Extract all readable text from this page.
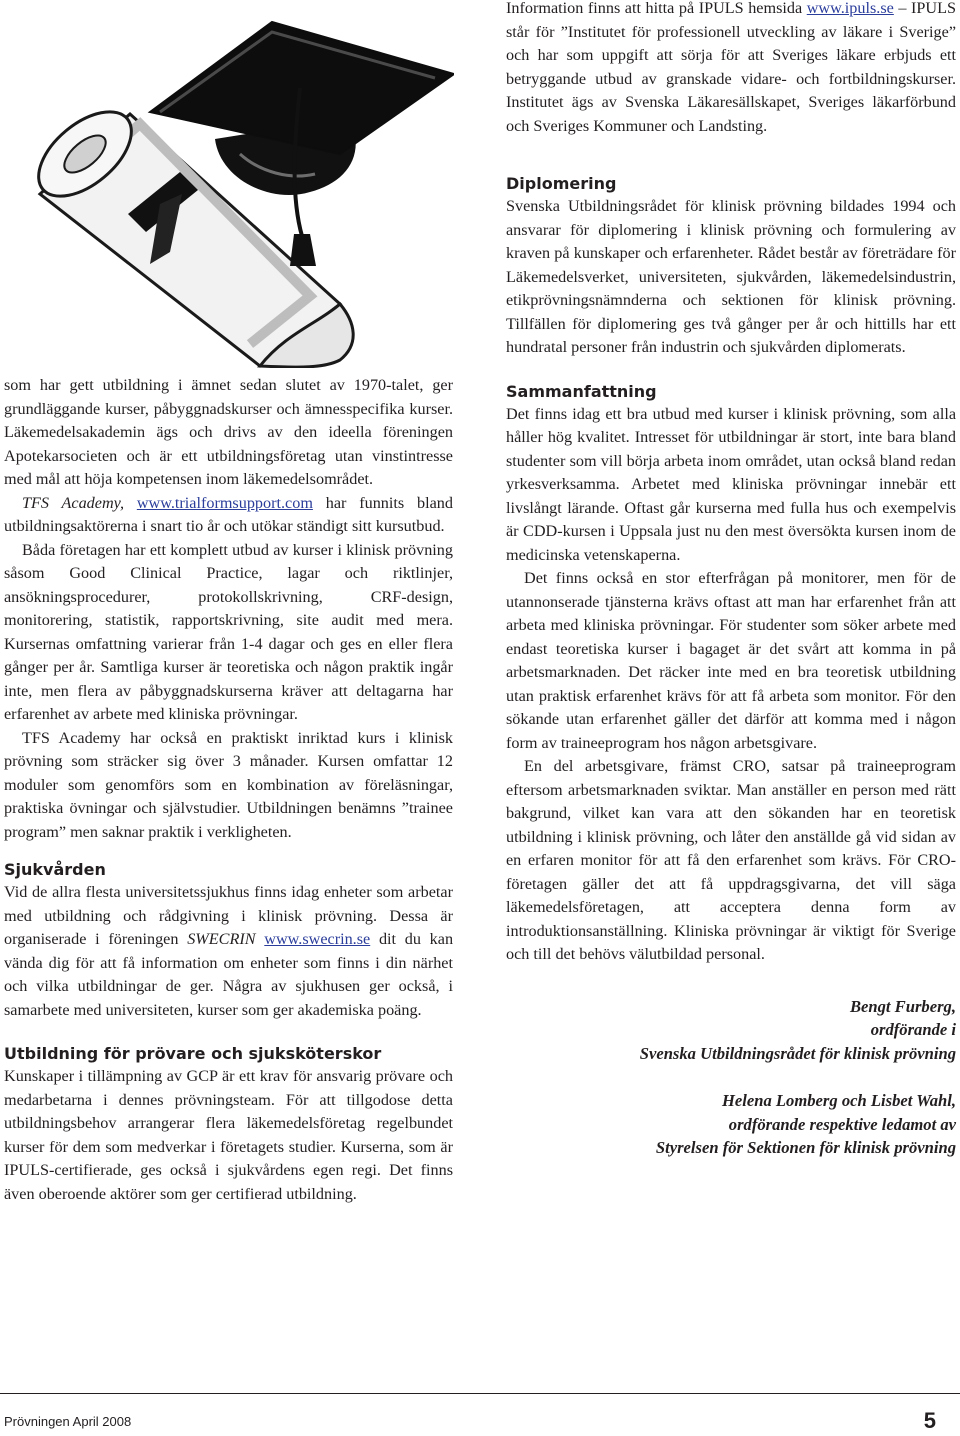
som har gett utbildning i ämnet sedan slutet av 1970-talet, ger grundläggande kurser, påbyggnadskurser och ämnesspecifika kurser. Läkemedelsakademin ägs och drivs av den ideella föreningen Apotekarsocieten och är ett utbildningsföretag utan vinstintresse med mål att höja kompetensen inom läkemedelsområdet.

TFS Academy, www.trialformsupport.com har funnits bland utbildningsaktörerna i snart tio år och utökar ständigt sitt kursutbud.

Båda företagen har ett komplett utbud av kurser i klinisk prövning såsom Good Clinical Practice, lagar och riktlinjer, ansökningsprocedurer, protokollskrivning, CRF-design, monitorering, statistik, rapportskrivning, site audit med mera. Kursernas omfattning varierar från 1-4 dagar och ges en eller flera gånger per år. Samtliga kurser är teoretiska och någon praktik ingår inte, men flera av påbyggnadskurserna kräver att deltagarna har erfarenhet av arbete med kliniska prövningar.

TFS Academy har också en praktiskt inriktad kurs i klinisk prövning som sträcker sig över 3 månader. Kursen omfattar 12 moduler som genomförs som en kombination av föreläsningar, praktiska övningar och självstudier. Utbildningen benämns ”trainee program” men saknar praktik i verkligheten.

Sjukvården

Vid de allra flesta universitetssjukhus finns idag enheter som arbetar med utbildning och rådgivning i klinisk prövning. Dessa är organiserade i föreningen SWECRIN www.swecrin.se dit du kan vända dig för att få information om enheter som finns i din närhet och vilka utbildningar de ger. Några av sjukhusen ger också, i samarbete med universiteten, kurser som ger akademiska poäng.

Utbildning för prövare och sjuksköterskor

Kunskaper i tillämpning av GCP är ett krav för ansvarig prövare och medarbetarna i dennes prövningsteam. För att tillgodose detta utbildningsbehov arrangerar flera läkemedelsföretag regelbundet kurser för dem som medverkar i företagets studier. Kurserna, som är IPULS-certifierade, ges också i sjukvårdens egen regi. Det finns även oberoende aktörer som ger certifierad utbildning.

Information finns att hitta på IPULS hemsida www.ipuls.se – IPULS står för ”Institutet för professionell utveckling av läkare i Sverige” och har som uppgift att sörja för att Sveriges läkare erbjuds ett betryggande utbud av granskade vidare- och fortbildningskurser. Institutet ägs av Svenska Läkaresällskapet, Sveriges läkarförbund och Sveriges Kommuner och Landsting.

Diplomering

Svenska Utbildningsrådet för klinisk prövning bildades 1994 och ansvarar för diplomering i klinisk prövning och formulering av kraven på kunskaper och erfarenheter. Rådet består av företrädare för Läkemedelsverket, universiteten, sjukvården, läkemedelsindustrin, etikprövningsnämnderna och sektionen för klinisk prövning. Tillfällen för diplomering ges två gånger per år och hittills har ett hundratal personer från industrin och sjukvården diplomerats.

Sammanfattning

Det finns idag ett bra utbud med kurser i klinisk prövning, som alla håller hög kvalitet. Intresset för utbildningar är stort, inte bara bland studenter som vill börja arbeta inom området, utan också bland redan yrkesverksamma. Arbetet med kliniska prövningar innebär ett livslångt lärande. Oftast går kurserna med fulla hus och exempelvis är CDD-kursen i Uppsala just nu den mest översökta kursen inom de medicinska vetenskaperna.

Det finns också en stor efterfrågan på monitorer, men för de utannonserade tjänsterna krävs oftast att man har erfarenhet från att arbeta med kliniska prövningar. För studenter som söker arbete med endast teoretiska kurser i bagaget är det svårt att komma in på arbetsmarknaden. Det räcker inte med en bra teoretisk utbildning utan praktisk erfarenhet krävs för att få arbeta som monitor. För den sökande utan erfarenhet gäller det därför att komma med i någon form av traineeprogram hos någon arbetsgivare.

En del arbetsgivare, främst CRO, satsar på traineeprogram eftersom arbetsmarknaden sviktar. Man anställer en person med rätt bakgrund, vilket kan vara att den sökanden har en teoretisk utbildning i klinisk prövning, och låter den anställde gå vid sidan av en erfaren monitor för att få den erfarenhet som krävs. För CRO-företagen gäller det att få uppdragsgivarna, det vill säga läkemedelsföretagen, att acceptera denna form av introduktionsanställning. Kliniska prövningar är viktigt för Sverige och till det behövs välutbildad personal.

Bengt Furberg,

ordförande i

Svenska Utbildningsrådet för klinisk prövning

Helena Lomberg och Lisbet Wahl,

ordförande respektive ledamot av

Styrelsen för Sektionen för klinisk prövning

Prövningen April 2008	5
